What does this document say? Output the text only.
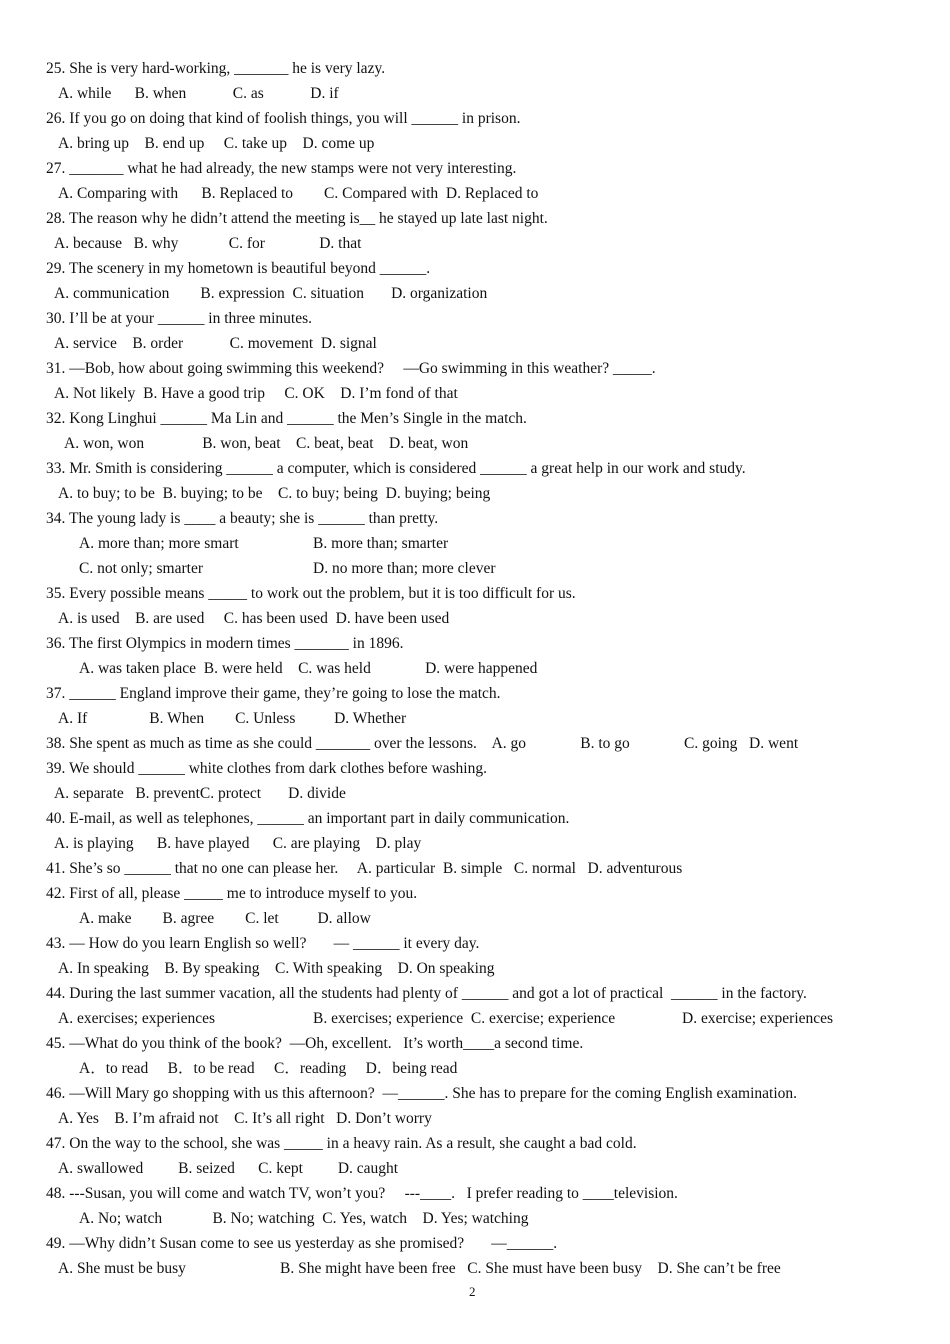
25. She is very hard-working, _______ he is very lazy.
A. while      B. when            C. as            D. if
26. If you go on doing that kind of foolish things, you will ______ in prison.
A. bring up    B. end up     C. take up    D. come up
27. _______ what he had already, the new stamps were not very interesting.
A. Comparing with      B. Replaced to        C. Compared with  D. Replaced to
28. The reason why he didn’t attend the meeting is__ he stayed up late last night.
A. because   B. why             C. for              D. that
29. The scenery in my hometown is beautiful beyond ______.
A. communication        B. expression  C. situation       D. organization
30. I’ll be at your ______ in three minutes.
A. service    B. order            C. movement  D. signal
31. —Bob, how about going swimming this weekend?     —Go swimming in this weather? _____.
A. Not likely  B. Have a good trip     C. OK    D. I’m fond of that
32. Kong Linghui ______ Ma Lin and ______ the Men’s Single in the match.
A. won, won               B. won, beat    C. beat, beat    D. beat, won
33. Mr. Smith is considering ______ a computer, which is considered ______ a great help in our work and study.
A. to buy; to be  B. buying; to be    C. to buy; being  D. buying; being
34. The young lady is ____ a beauty; she is ______ than pretty.
A. more than; more smart	B. more than; smarter
C. not only; smarter	D. no more than; more clever
35. Every possible means _____ to work out the problem, but it is too difficult for us.
A. is used    B. are used     C. has been used  D. have been used
36. The first Olympics in modern times _______ in 1896.
A. was taken place  B. were held    C. was held              D. were happened
37. ______ England improve their game, they’re going to lose the match.
A. If                B. When        C. Unless          D. Whether
38. She spent as much as time as she could _______ over the lessons.    A. go              B. to go              C. going   D. went
39. We should ______ white clothes from dark clothes before washing.
A. separate   B. preventC. protect       D. divide
40. E-mail, as well as telephones, ______ an important part in daily communication.
A. is playing      B. have played      C. are playing    D. play
41. She’s so ______ that no one can please her.     A. particular  B. simple   C. normal   D. adventurous
42. First of all, please _____ me to introduce myself to you.
A. make        B. agree        C. let          D. allow
43. — How do you learn English so well?       — ______ it every day.
A. In speaking    B. By speaking    C. With speaking    D. On speaking
44. During the last summer vacation, all the students had plenty of ______ and got a lot of practical  ______ in the factory.
A. exercises; experiences	B. exercises; experience  C. exercise; experience	D. exercise; experiences
45. —What do you think of the book?  —Oh, excellent.   It’s worth____a second time.
A．to read     B．to be read     C．reading     D．being read
46. —Will Mary go shopping with us this afternoon?  —______. She has to prepare for the coming English examination.
A. Yes    B. I’m afraid not    C. It’s all right   D. Don’t worry
47. On the way to the school, she was _____ in a heavy rain. As a result, she caught a bad cold.
A. swallowed         B. seized      C. kept         D. caught
48. ---Susan, you will come and watch TV, won’t you?     ---____.   I prefer reading to ____television.
A. No; watch             B. No; watching  C. Yes, watch    D. Yes; watching
49. —Why didn’t Susan come to see us yesterday as she promised?       —______.
A. She must be busy	B. She might have been free   C. She must have been busy    D. She can’t be free
2
